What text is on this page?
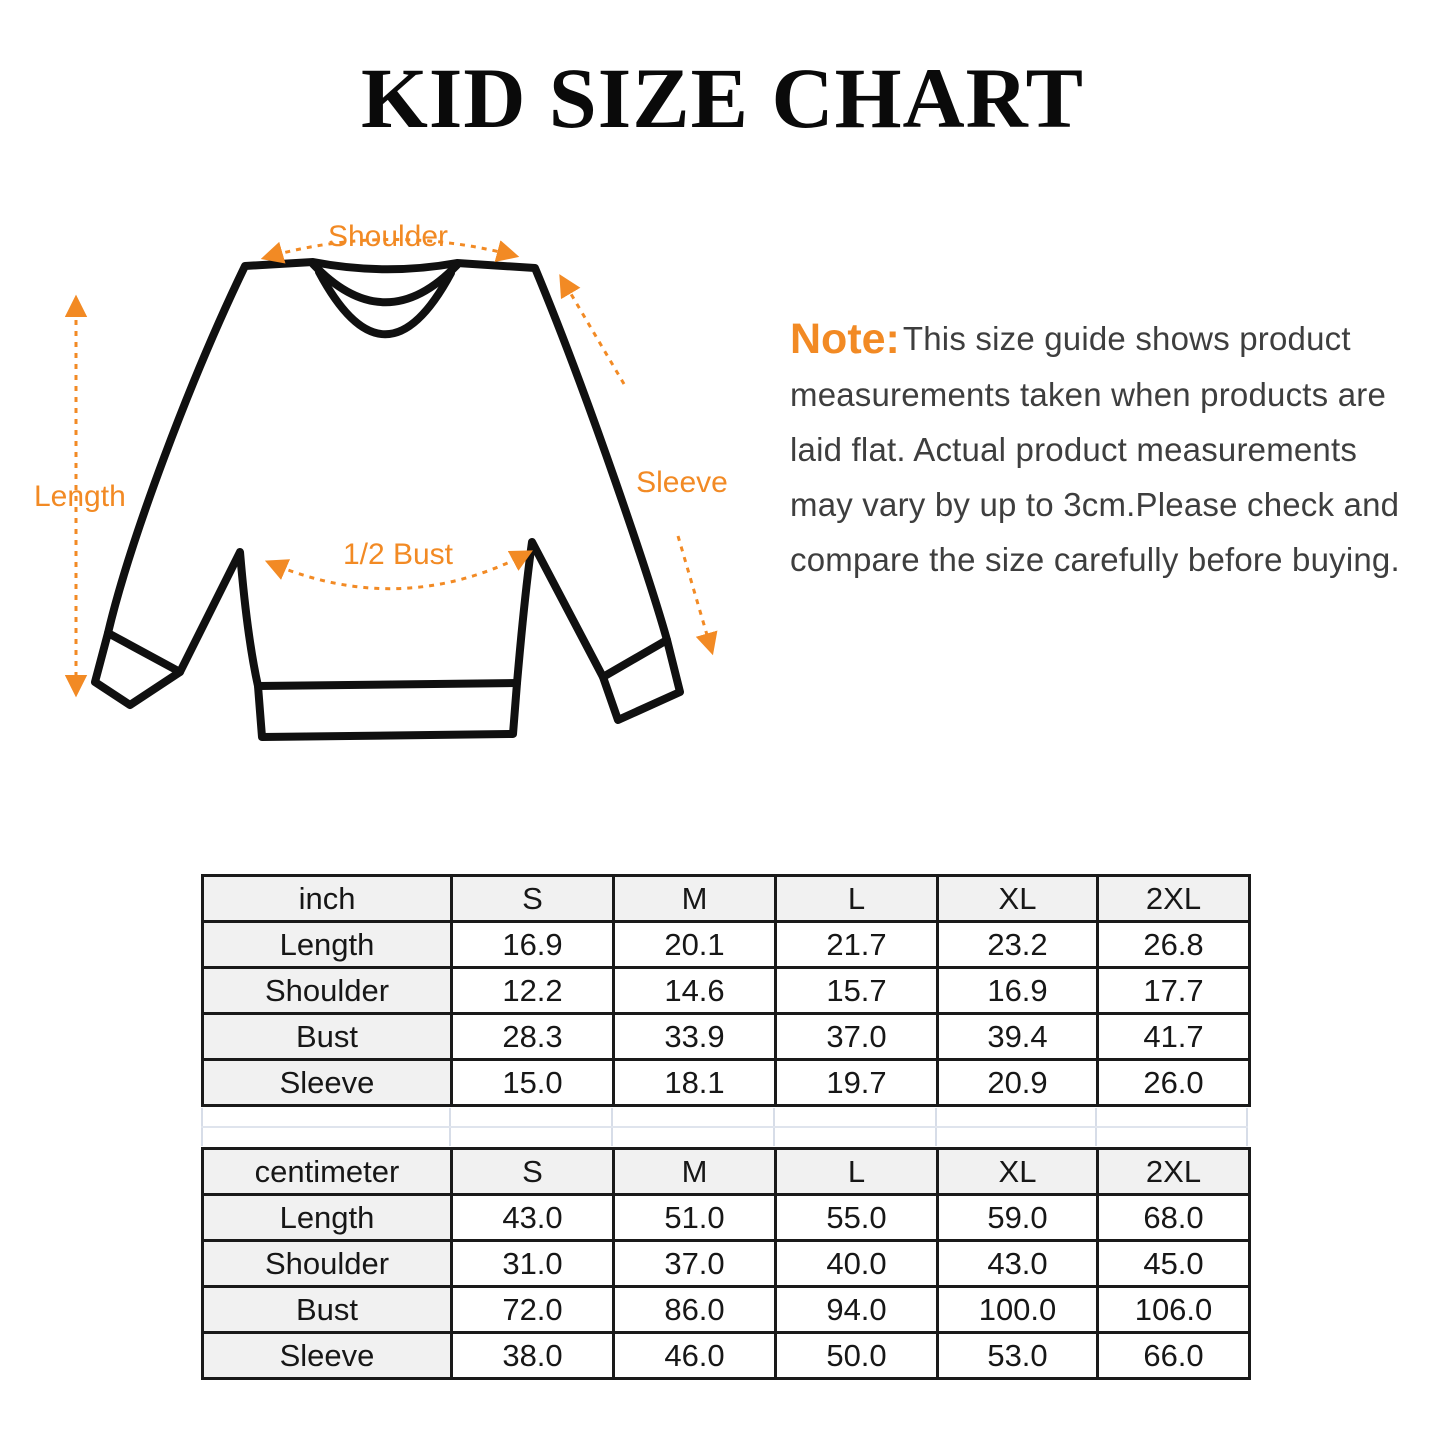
KID SIZE CHART
Shoulder
Length	Sleeve
1/2 Bust
Note:This size guide shows product
measurements taken when products are
laid flat. Actual product measurements
may vary by up to 3cm.Please check and
compare the size carefully before buying.
inch	S	M	L	XL	2XL
Length	16.9	20.1	21.7	23.2	26.8
Shoulder	12.2	14.6	15.7	16.9	17.7
Bust	28.3	33.9	37.0	39.4	41.7
Sleeve	15.0	18.1	19.7	20.9	26.0
centimeter	S	M	L	XL	2XL
Length	43.0	51.0	55.0	59.0	68.0
Shoulder	31.0	37.0	40.0	43.0	45.0
Bust	72.0	86.0	94.0	100.0	106.0
Sleeve	38.0	46.0	50.0	53.0	66.0
